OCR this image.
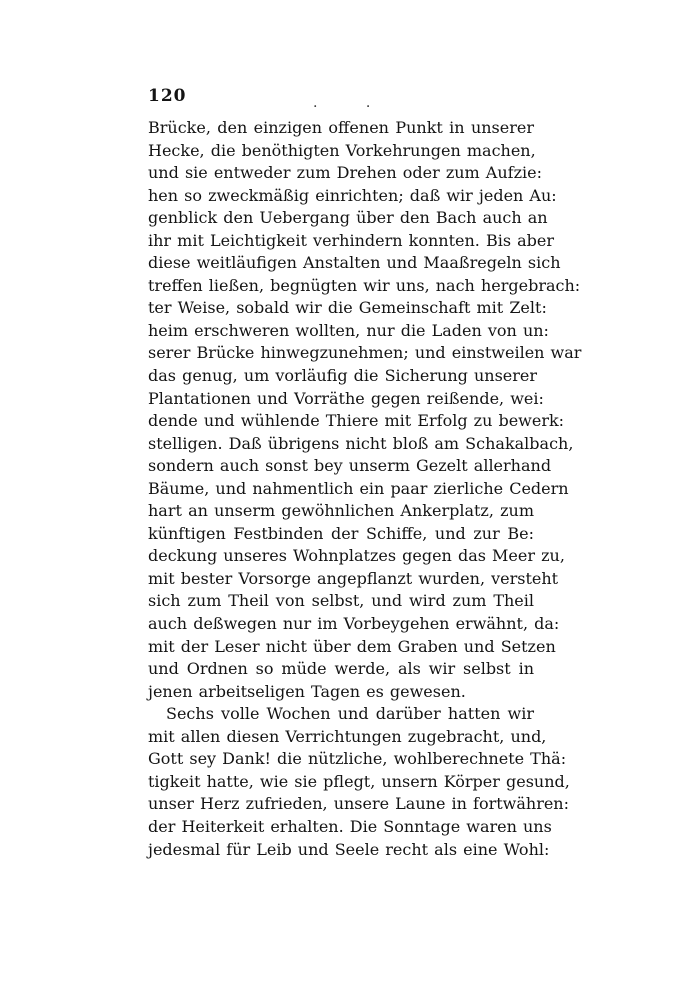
120	. .
Brücke, den einzigen offenen Punkt in unserer
Hecke, die benöthigten Vorkehrungen machen,
und sie entweder zum Drehen oder zum Aufzie:
hen so zweckmäßig einrichten; daß wir jeden Au:
genblick den Uebergang über den Bach auch an
ihr mit Leichtigkeit verhindern konnten. Bis aber
diese weitläufigen Anstalten und Maaßregeln sich
treffen ließen, begnügten wir uns, nach hergebrach:
ter Weise, sobald wir die Gemeinschaft mit Zelt:
heim erschweren wollten, nur die Laden von un:
serer Brücke hinwegzunehmen; und einstweilen war
das genug, um vorläufig die Sicherung unserer
Plantationen und Vorräthe gegen reißende, wei:
dende und wühlende Thiere mit Erfolg zu bewerk:
stelligen. Daß übrigens nicht bloß am Schakalbach,
sondern auch sonst bey unserm Gezelt allerhand
Bäume, und nahmentlich ein paar zierliche Cedern
hart an unserm gewöhnlichen Ankerplatz, zum
künftigen Festbinden der Schiffe, und zur Be:
deckung unseres Wohnplatzes gegen das Meer zu,
mit bester Vorsorge angepflanzt wurden, versteht
sich zum Theil von selbst, und wird zum Theil
auch deßwegen nur im Vorbeygehen erwähnt, da:
mit der Leser nicht über dem Graben und Setzen
und Ordnen so müde werde, als wir selbst in
jenen arbeitseligen Tagen es gewesen.
Sechs volle Wochen und darüber hatten wir
mit allen diesen Verrichtungen zugebracht, und,
Gott sey Dank! die nützliche, wohlberechnete Thä:
tigkeit hatte, wie sie pflegt, unsern Körper gesund,
unser Herz zufrieden, unsere Laune in fortwähren:
der Heiterkeit erhalten. Die Sonntage waren uns
jedesmal für Leib und Seele recht als eine Wohl:
